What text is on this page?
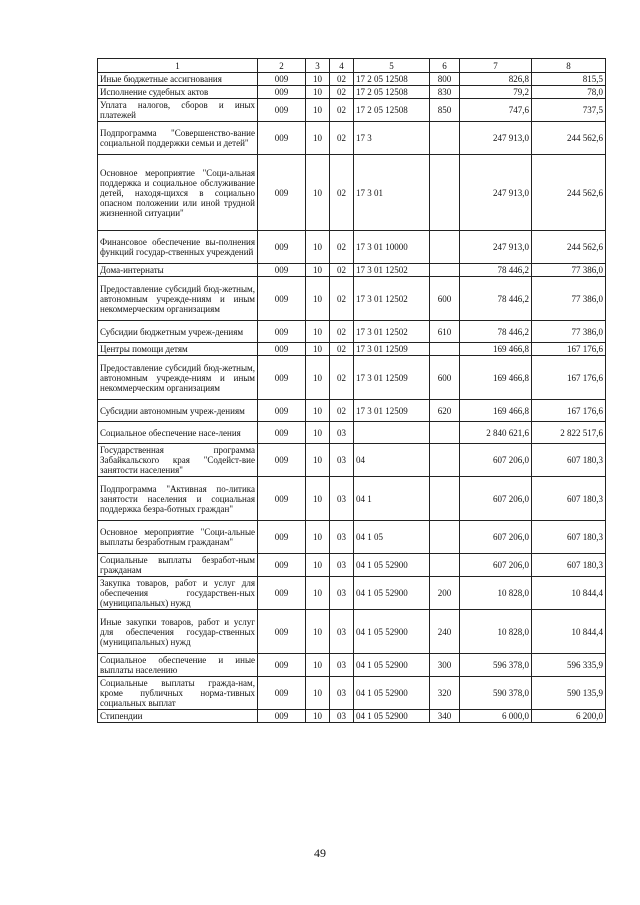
1	2	3	4	5	6	7	8
Иные бюджетные ассигнования	009	10	02	17 2 05 12508	800	826,8	815,5
Исполнение судебных актов	009	10	02	17 2 05 12508	830	79,2	78,0
Уплата налогов, сборов и иных платежей	009	10	02	17 2 05 12508	850	747,6	737,5
Подпрограмма "Совершенство-вание социальной поддержки семьи и детей"	009	10	02	17 3		247 913,0	244 562,6
Основное мероприятие "Соци-альная поддержка и социальное обслуживание детей, находя-щихся в социально опасном положении или иной трудной жизненной ситуации"	009	10	02	17 3 01		247 913,0	244 562,6
Финансовое обеспечение вы-полнения функций государ-ственных учреждений	009	10	02	17 3 01 10000		247 913,0	244 562,6
Дома-интернаты	009	10	02	17 3 01 12502		78 446,2	77 386,0
Предоставление субсидий бюд-жетным, автономным учрежде-ниям и иным некоммерческим организациям	009	10	02	17 3 01 12502	600	78 446,2	77 386,0
Субсидии бюджетным учреж-дениям	009	10	02	17 3 01 12502	610	78 446,2	77 386,0
Центры помощи детям	009	10	02	17 3 01 12509		169 466,8	167 176,6
Предоставление субсидий бюд-жетным, автономным учрежде-ниям и иным некоммерческим организациям	009	10	02	17 3 01 12509	600	169 466,8	167 176,6
Субсидии автономным учреж-дениям	009	10	02	17 3 01 12509	620	169 466,8	167 176,6
Социальное обеспечение насе-ления	009	10	03			2 840 621,6	2 822 517,6
Государственная программа Забайкальского края "Содейст-вие занятости населения"	009	10	03	04		607 206,0	607 180,3
Подпрограмма "Активная по-литика занятости населения и социальная поддержка безра-ботных граждан"	009	10	03	04 1		607 206,0	607 180,3
Основное мероприятие "Соци-альные выплаты безработным гражданам"	009	10	03	04 1 05		607 206,0	607 180,3
Социальные выплаты безработ-ным гражданам	009	10	03	04 1 05 52900		607 206,0	607 180,3
Закупка товаров, работ и услуг для обеспечения государствен-ных (муниципальных) нужд	009	10	03	04 1 05 52900	200	10 828,0	10 844,4
Иные закупки товаров, работ и услуг для обеспечения государ-ственных (муниципальных) нужд	009	10	03	04 1 05 52900	240	10 828,0	10 844,4
Социальное обеспечение и иные выплаты населению	009	10	03	04 1 05 52900	300	596 378,0	596 335,9
Социальные выплаты гражда-нам, кроме публичных норма-тивных социальных выплат	009	10	03	04 1 05 52900	320	590 378,0	590 135,9
Стипендии	009	10	03	04 1 05 52900	340	6 000,0	6 200,0
49
